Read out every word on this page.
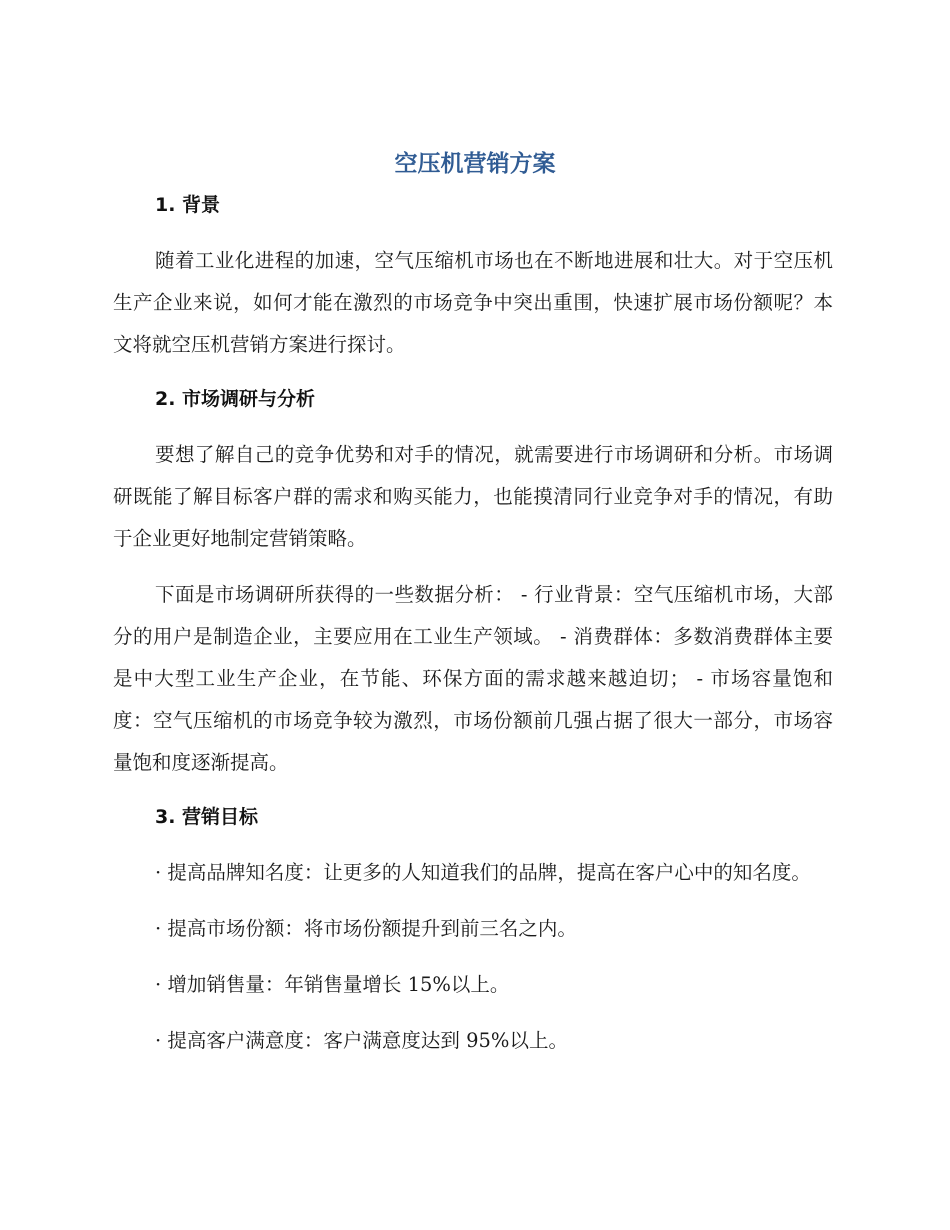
空压机营销方案
1. 背景

随着工业化进程的加速，空气压缩机市场也在不断地进展和壮大。对于空压机生产企业来说，如何才能在激烈的市场竞争中突出重围，快速扩展市场份额呢？本文将就空压机营销方案进行探讨。

2. 市场调研与分析

要想了解自己的竞争优势和对手的情况，就需要进行市场调研和分析。市场调研既能了解目标客户群的需求和购买能力，也能摸清同行业竞争对手的情况，有助于企业更好地制定营销策略。

下面是市场调研所获得的一些数据分析： - 行业背景：空气压缩机市场，大部分的用户是制造企业，主要应用在工业生产领域。 - 消费群体：多数消费群体主要是中大型工业生产企业，在节能、环保方面的需求越来越迫切； - 市场容量饱和度：空气压缩机的市场竞争较为激烈，市场份额前几强占据了很大一部分，市场容量饱和度逐渐提高。

3. 营销目标

· 提高品牌知名度：让更多的人知道我们的品牌，提高在客户心中的知名度。

· 提高市场份额：将市场份额提升到前三名之内。

· 增加销售量：年销售量增长 15%以上。

· 提高客户满意度：客户满意度达到 95%以上。
